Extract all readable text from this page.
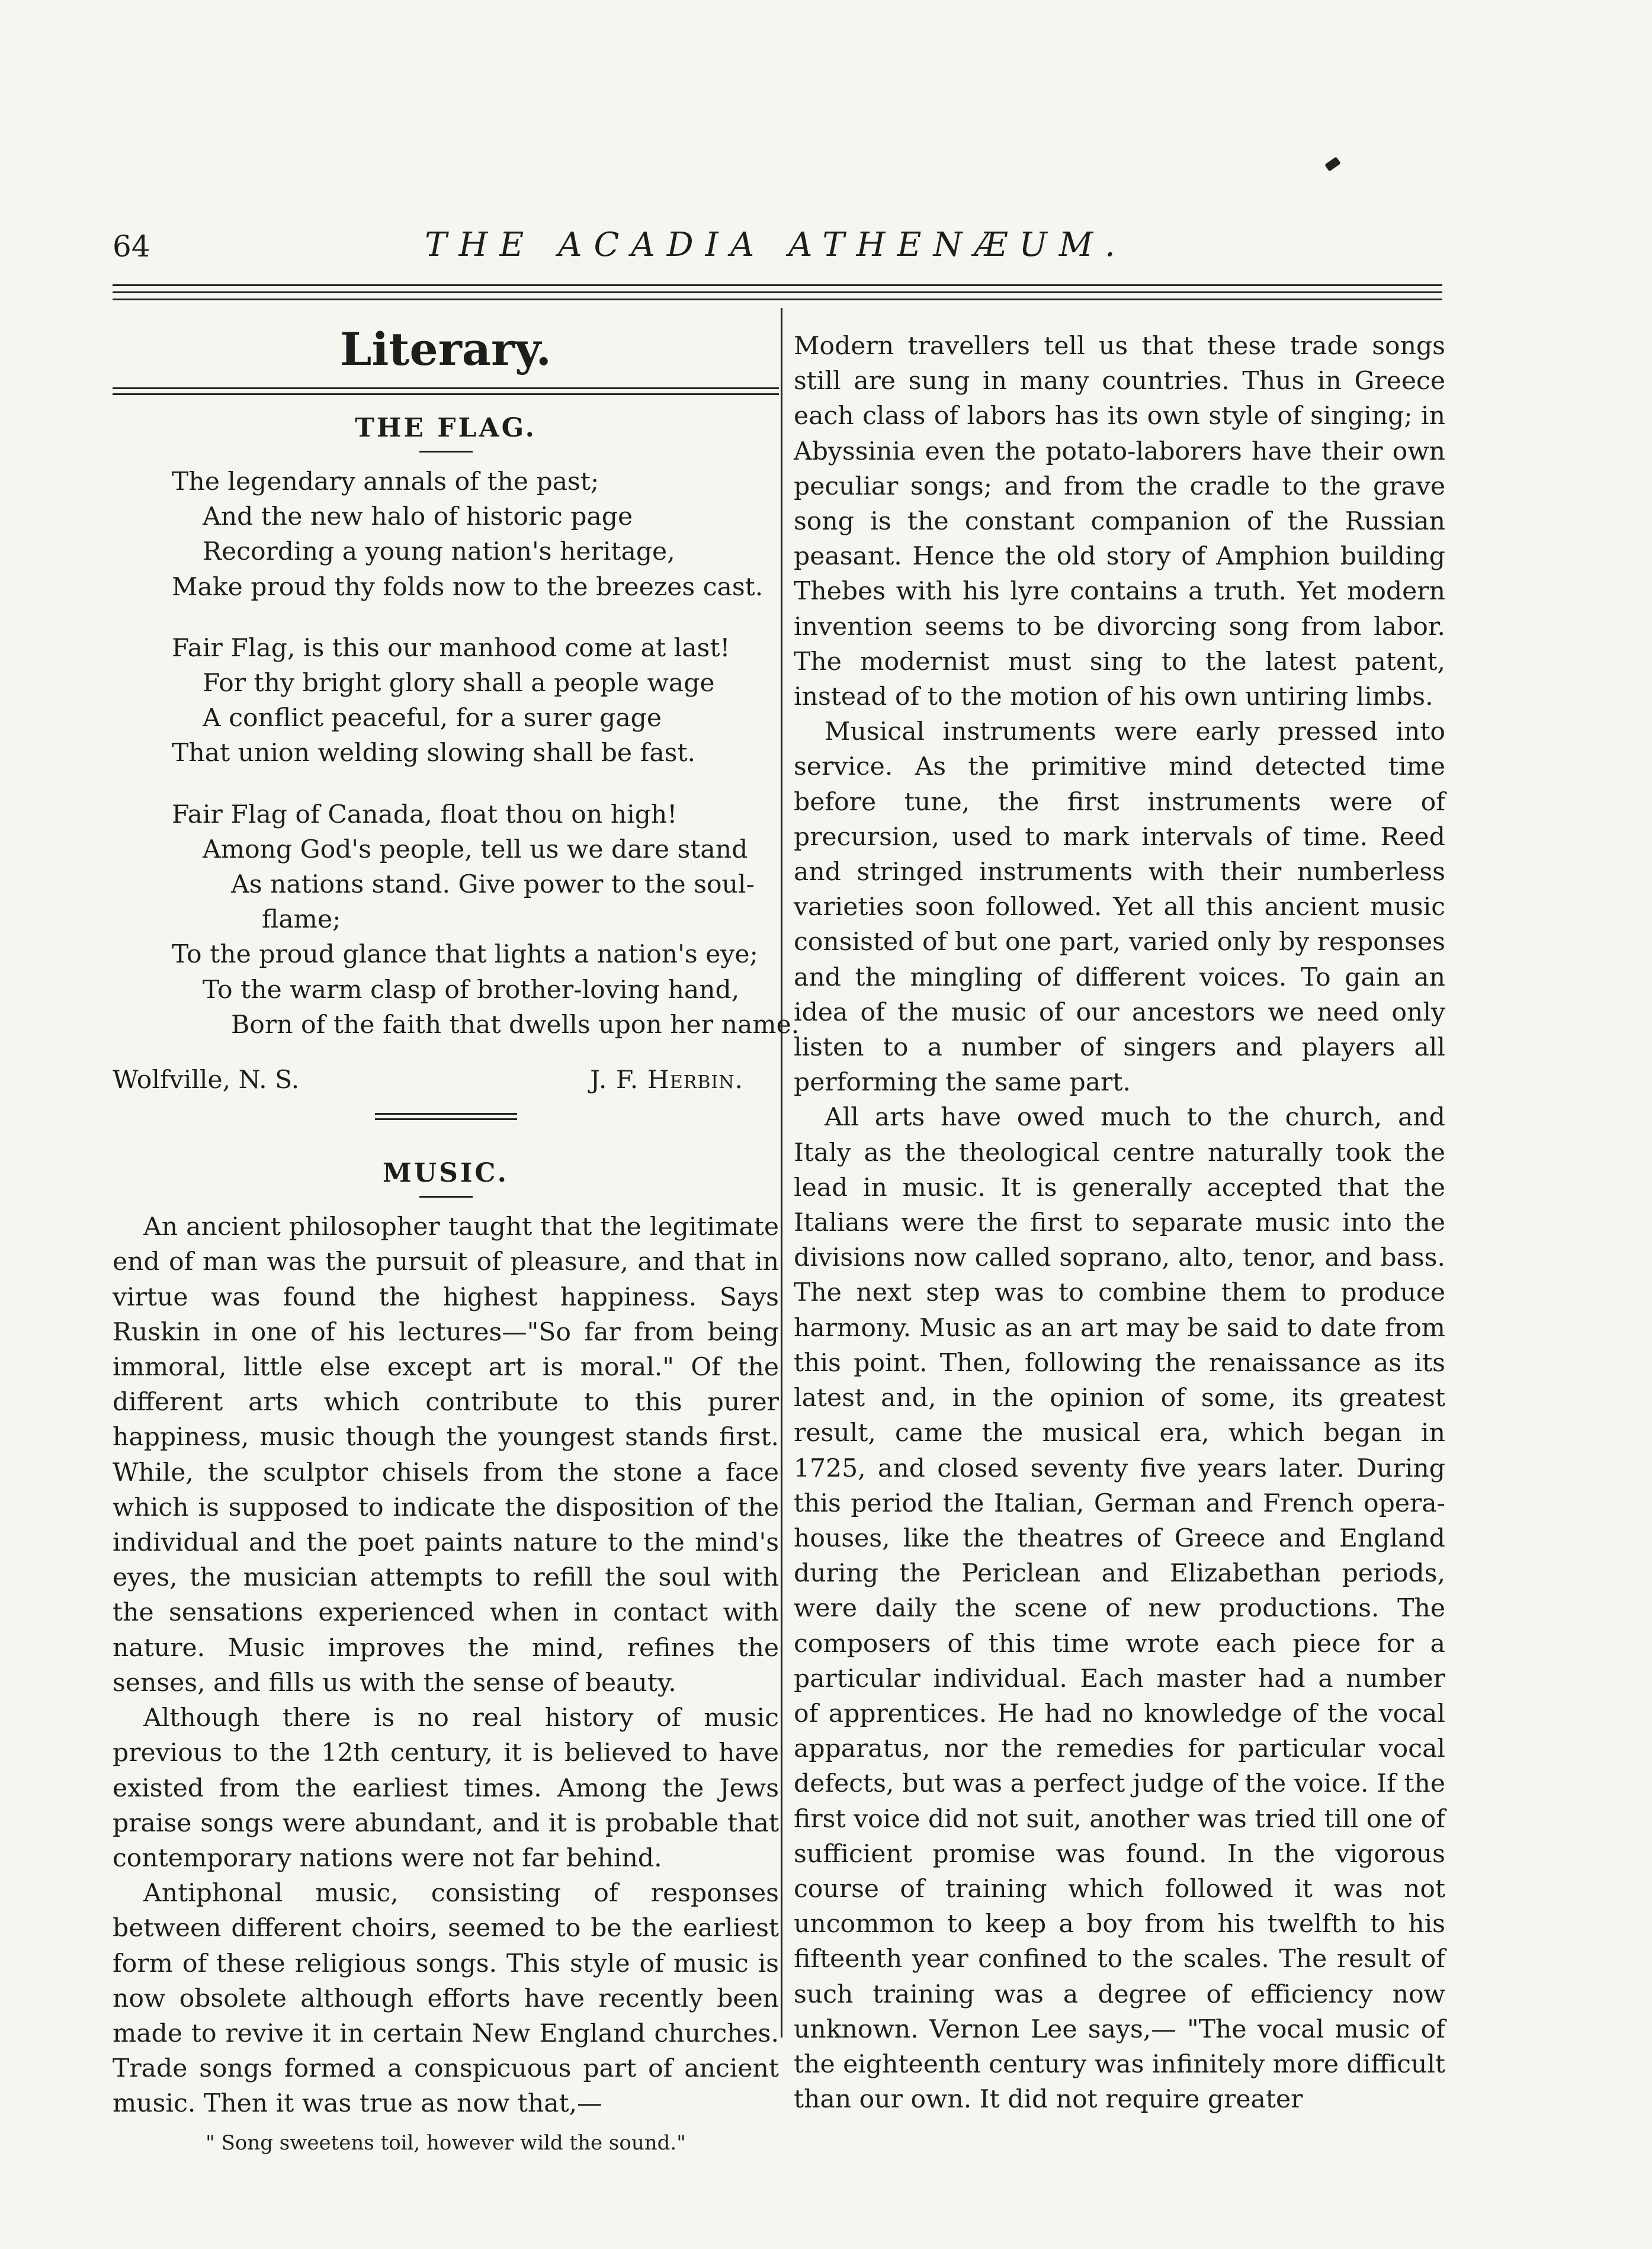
64	THE ACADIA ATHENÆUM.
Literary.
THE FLAG.
The legendary annals of the past;
And the new halo of historic page
Recording a young nation's heritage,
Make proud thy folds now to the breezes cast.
Fair Flag, is this our manhood come at last!
For thy bright glory shall a people wage
A conflict peaceful, for a surer gage
That union welding slowing shall be fast.
Fair Flag of Canada, float thou on high!
Among God's people, tell us we dare stand
As nations stand. Give power to the soul-
flame;
To the proud glance that lights a nation's eye;
To the warm clasp of brother-loving hand,
Born of the faith that dwells upon her name.
Wolfville, N. S.	J. F. Herbin.
MUSIC.

An ancient philosopher taught that the legitimate end of man was the pursuit of pleasure, and that in virtue was found the highest happiness. Says Ruskin in one of his lectures—"So far from being immoral, little else except art is moral." Of the different arts which contribute to this purer happiness, music though the youngest stands first. While, the sculptor chisels from the stone a face which is supposed to indicate the disposition of the individual and the poet paints nature to the mind's eyes, the musician attempts to refill the soul with the sensations experienced when in contact with nature. Music improves the mind, refines the senses, and fills us with the sense of beauty.

Although there is no real history of music previous to the 12th century, it is believed to have existed from the earliest times. Among the Jews praise songs were abundant, and it is probable that contemporary nations were not far behind.

Antiphonal music, consisting of responses between different choirs, seemed to be the earliest form of these religious songs. This style of music is now obsolete although efforts have recently been made to revive it in certain New England churches. Trade songs formed a conspicuous part of ancient music. Then it was true as now that,—

" Song sweetens toil, however wild the sound."

Modern travellers tell us that these trade songs still are sung in many countries. Thus in Greece each class of labors has its own style of singing; in Abyssinia even the potato-laborers have their own peculiar songs; and from the cradle to the grave song is the constant companion of the Russian peasant. Hence the old story of Amphion building Thebes with his lyre contains a truth. Yet modern invention seems to be divorcing song from labor. The modernist must sing to the latest patent, instead of to the motion of his own untiring limbs.

Musical instruments were early pressed into service. As the primitive mind detected time before tune, the first instruments were of precursion, used to mark intervals of time. Reed and stringed instruments with their numberless varieties soon followed. Yet all this ancient music consisted of but one part, varied only by responses and the mingling of different voices. To gain an idea of the music of our ancestors we need only listen to a number of singers and players all performing the same part.

All arts have owed much to the church, and Italy as the theological centre naturally took the lead in music. It is generally accepted that the Italians were the first to separate music into the divisions now called soprano, alto, tenor, and bass. The next step was to combine them to produce harmony. Music as an art may be said to date from this point. Then, following the renaissance as its latest and, in the opinion of some, its greatest result, came the musical era, which began in 1725, and closed seventy five years later. During this period the Italian, German and French opera-houses, like the theatres of Greece and England during the Periclean and Elizabethan periods, were daily the scene of new productions. The composers of this time wrote each piece for a particular individual. Each master had a number of apprentices. He had no knowledge of the vocal apparatus, nor the remedies for particular vocal defects, but was a perfect judge of the voice. If the first voice did not suit, another was tried till one of sufficient promise was found. In the vigorous course of training which followed it was not uncommon to keep a boy from his twelfth to his fifteenth year confined to the scales. The result of such training was a degree of efficiency now unknown. Vernon Lee says,— "The vocal music of the eighteenth century was infinitely more difficult than our own. It did not require greater
